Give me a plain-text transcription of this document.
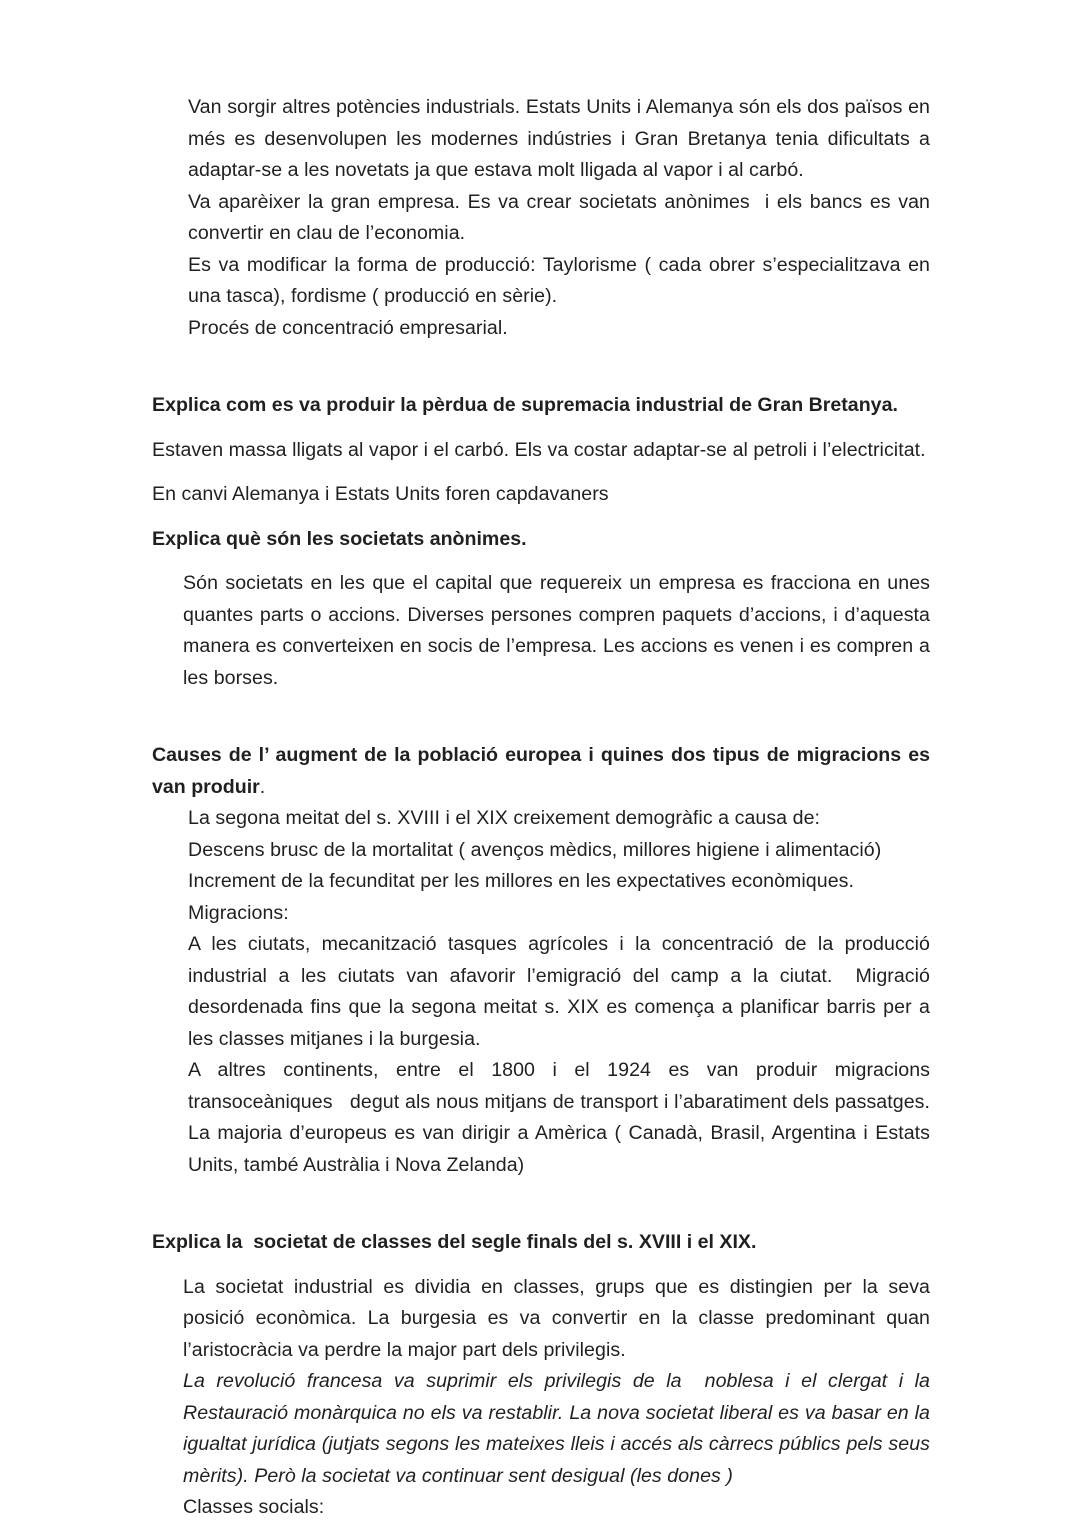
Van sorgir altres potències industrials. Estats Units i Alemanya són els dos països en més es desenvolupen les modernes indústries i Gran Bretanya tenia dificultats a adaptar-se a les novetats ja que estava molt lligada al vapor i al carbó.

Va aparèixer la gran empresa. Es va crear societats anònimes  i els bancs es van convertir en clau de l’economia.

Es va modificar la forma de producció: Taylorisme ( cada obrer s’especialitzava en una tasca), fordisme ( producció en sèrie).

Procés de concentració empresarial.

Explica com es va produir la pèrdua de supremacia industrial de Gran Bretanya.

Estaven massa lligats al vapor i el carbó. Els va costar adaptar-se al petroli i l’electricitat.

En canvi Alemanya i Estats Units foren capdavaners

Explica què són les societats anònimes.

Són societats en les que el capital que requereix un empresa es fracciona en unes quantes parts o accions. Diverses persones compren paquets d’accions, i d’aquesta manera es converteixen en socis de l’empresa. Les accions es venen i es compren a les borses.

Causes de l’ augment de la població europea i quines dos tipus de migracions es van produir.

La segona meitat del s. XVIII i el XIX creixement demogràfic a causa de:

Descens brusc de la mortalitat ( avenços mèdics, millores higiene i alimentació)

Increment de la fecunditat per les millores en les expectatives econòmiques.

Migracions:

A les ciutats, mecanització tasques agrícoles i la concentració de la producció industrial a les ciutats van afavorir l’emigració del camp a la ciutat.  Migració desordenada fins que la segona meitat s. XIX es comença a planificar barris per a les classes mitjanes i la burgesia.

A altres continents, entre el 1800 i el 1924 es van produir migracions transoceàniques   degut als nous mitjans de transport i l’abaratiment dels passatges. La majoria d’europeus es van dirigir a Amèrica ( Canadà, Brasil, Argentina i Estats Units, també Austràlia i Nova Zelanda)

Explica la  societat de classes del segle finals del s. XVIII i el XIX.

La societat industrial es dividia en classes, grups que es distingien per la seva posició econòmica. La burgesia es va convertir en la classe predominant quan l’aristocràcia va perdre la major part dels privilegis.

La revolució francesa va suprimir els privilegis de la  noblesa i el clergat i la Restauració monàrquica no els va restablir. La nova societat liberal es va basar en la igualtat jurídica (jutjats segons les mateixes lleis i accés als càrrecs públics pels seus mèrits). Però la societat va continuar sent desigual (les dones )

Classes socials:
